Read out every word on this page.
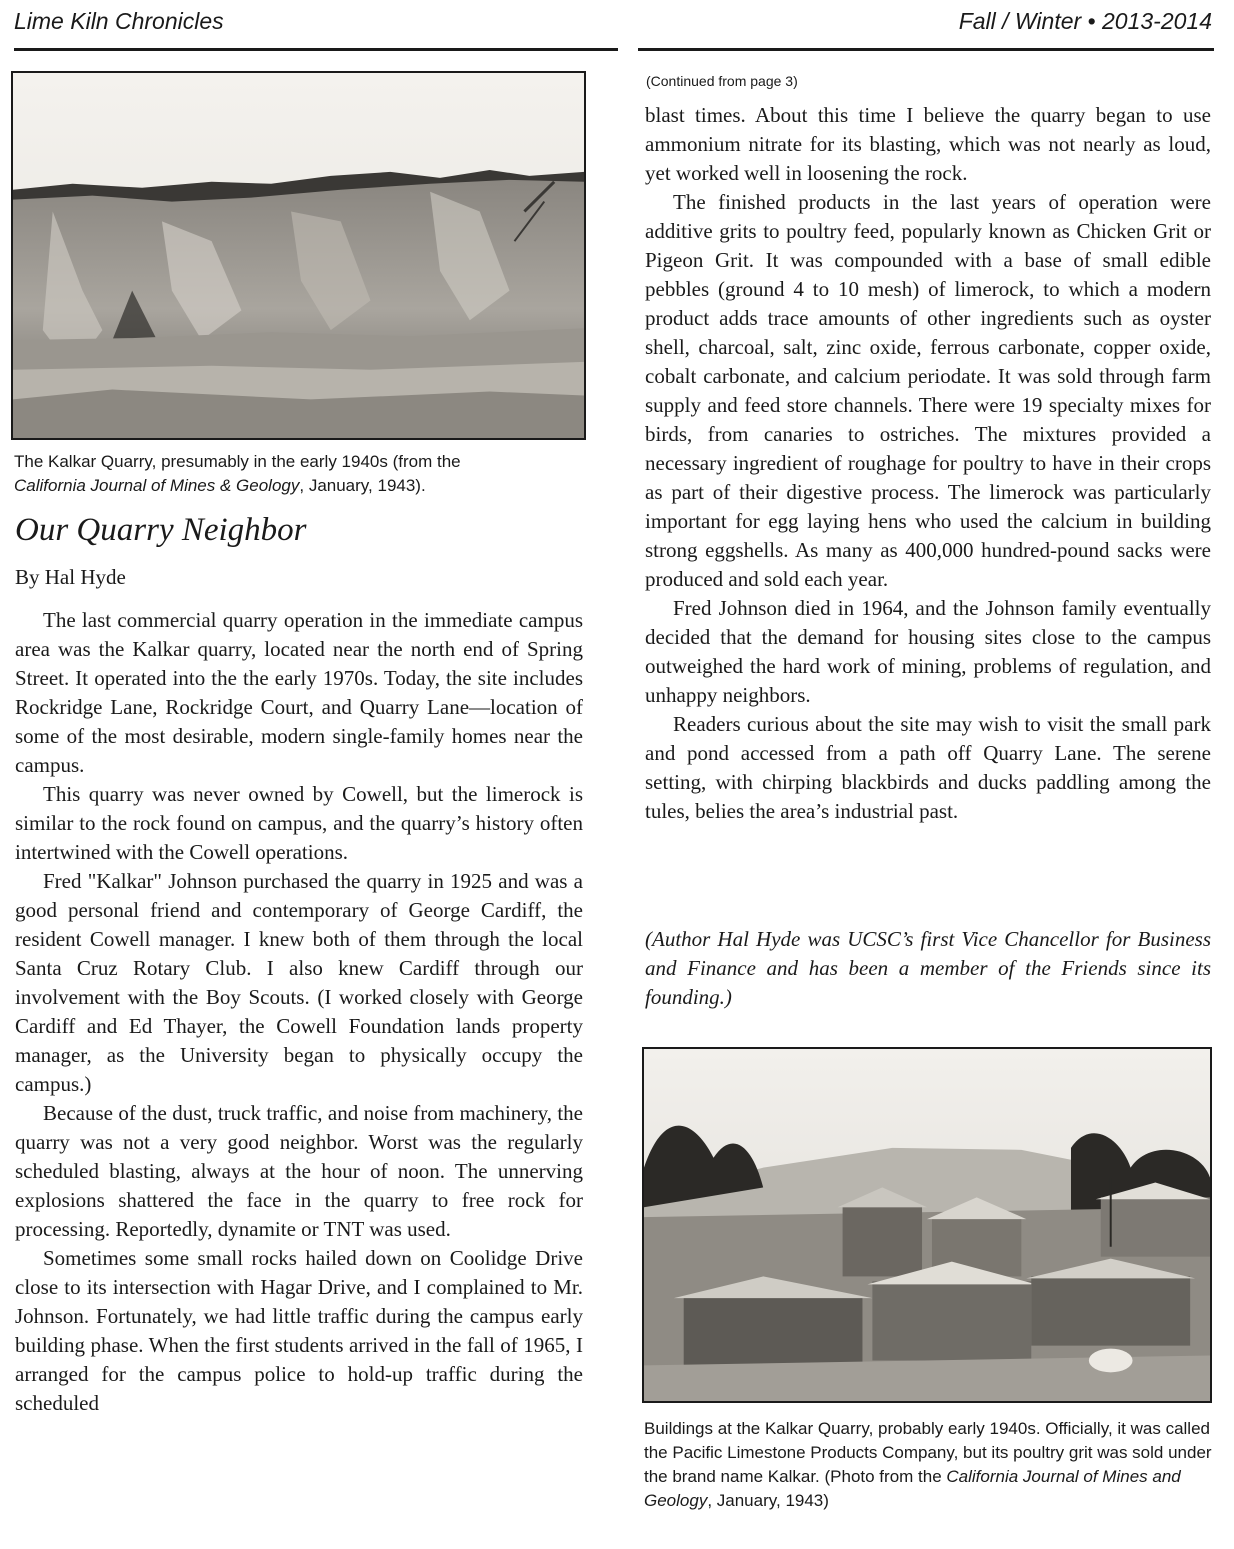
Lime Kiln Chronicles	Fall / Winter • 2013-2014
The Kalkar Quarry, presumably in the early 1940s (from the
California Journal of Mines & Geology, January, 1943).
Our Quarry Neighbor
By Hal Hyde

The last commercial quarry operation in the immediate campus area was the Kalkar quarry, located near the north end of Spring Street. It operated into the the early 1970s. Today, the site includes Rockridge Lane, Rockridge Court, and Quarry Lane—location of some of the most desirable, modern single-family homes near the campus.

This quarry was never owned by Cowell, but the limerock is similar to the rock found on campus, and the quarry’s history often intertwined with the Cowell operations.

Fred "Kalkar" Johnson purchased the quarry in 1925 and was a good personal friend and contemporary of George Cardiff, the resident Cowell manager. I knew both of them through the local Santa Cruz Rotary Club. I also knew Cardiff through our involvement with the Boy Scouts. (I worked closely with George Cardiff and Ed Thayer, the Cowell Foundation lands property manager, as the University began to physically occupy the campus.)

Because of the dust, truck traffic, and noise from machinery, the quarry was not a very good neighbor. Worst was the regularly scheduled blasting, always at the hour of noon. The unnerving explosions shattered the face in the quarry to free rock for processing. Reportedly, dynamite or TNT was used.

Sometimes some small rocks hailed down on Coolidge Drive close to its intersection with Hagar Drive, and I complained to Mr. Johnson. Fortunately, we had little traffic during the campus early building phase. When the first students arrived in the fall of 1965, I arranged for the campus police to hold-up traffic during the scheduled

(Continued from page 3)

blast times. About this time I believe the quarry began to use ammonium nitrate for its blasting, which was not nearly as loud, yet worked well in loosening the rock.

The finished products in the last years of operation were additive grits to poultry feed, popularly known as Chicken Grit or Pigeon Grit. It was compounded with a base of small edible pebbles (ground 4 to 10 mesh) of limerock, to which a modern product adds trace amounts of other ingredients such as oyster shell, charcoal, salt, zinc oxide, ferrous carbonate, copper oxide, cobalt carbonate, and calcium periodate. It was sold through farm supply and feed store channels. There were 19 specialty mixes for birds, from canaries to ostriches. The mixtures provided a necessary ingredient of roughage for poultry to have in their crops as part of their digestive process. The limerock was particularly important for egg laying hens who used the calcium in building strong eggshells. As many as 400,000 hundred-pound sacks were produced and sold each year.

Fred Johnson died in 1964, and the Johnson family eventually decided that the demand for housing sites close to the campus outweighed the hard work of mining, problems of regulation, and unhappy neighbors.

Readers curious about the site may wish to visit the small park and pond accessed from a path off Quarry Lane. The serene setting, with chirping blackbirds and ducks paddling among the tules, belies the area’s industrial past.

(Author Hal Hyde was UCSC’s first Vice Chancellor for Business and Finance and has been a member of the Friends since its founding.)
Buildings at the Kalkar Quarry, probably early 1940s. Officially, it was called the Pacific Limestone Products Company, but its poultry grit was sold under the brand name Kalkar. (Photo from the California Journal of Mines and Geology, January, 1943)
